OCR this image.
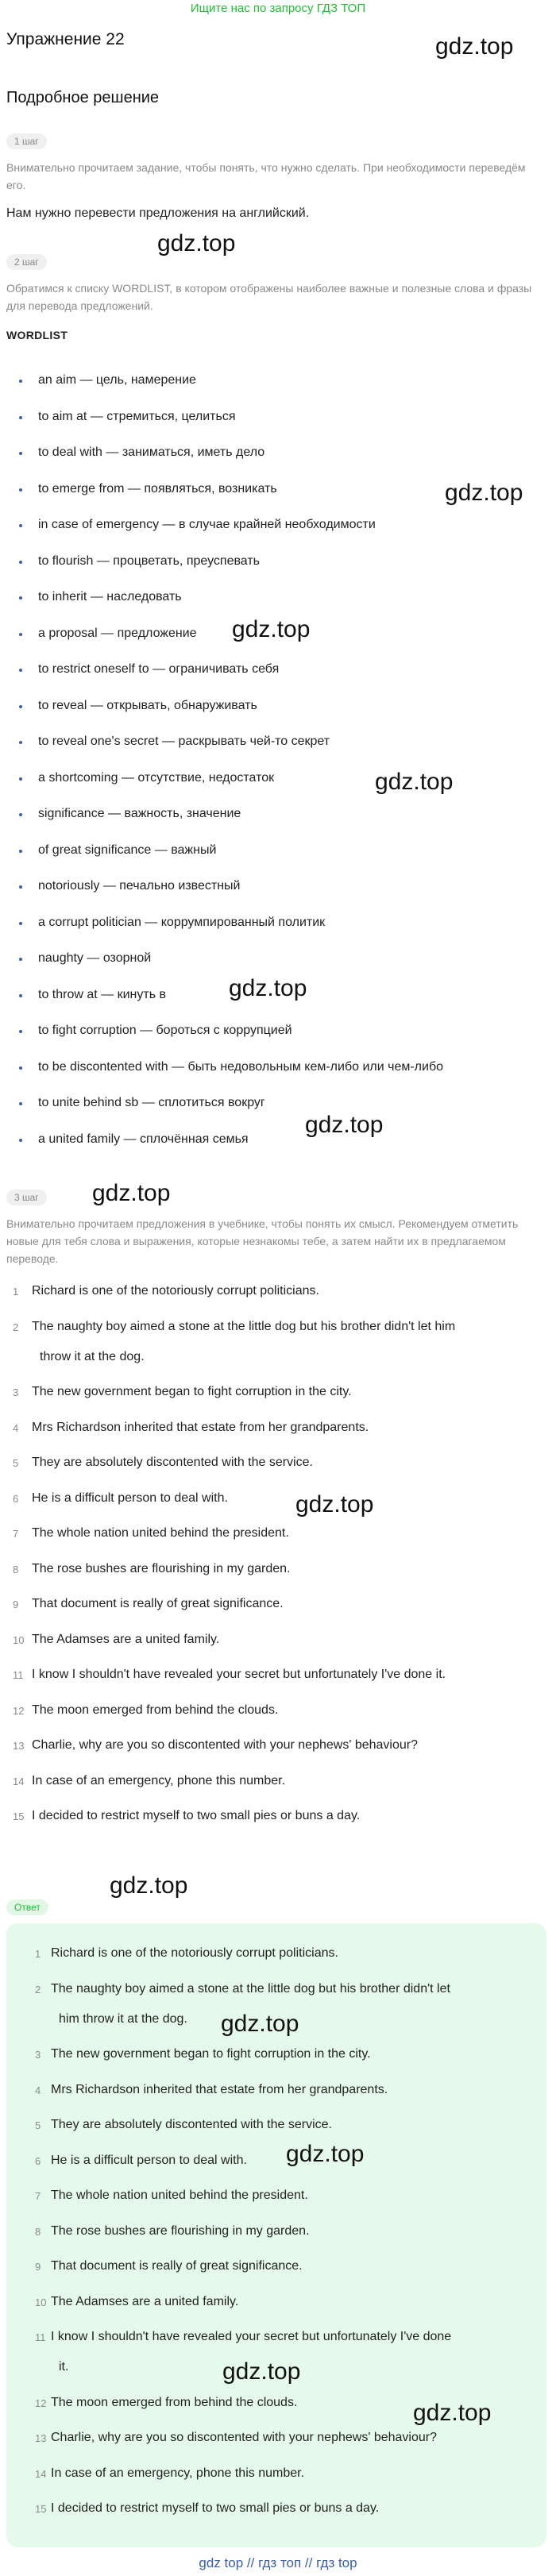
Ищите нас по запросу ГДЗ ТОП
Упражнение 22	gdz.top
Подробное решение
1 шаг
Внимательно прочитаем задание, чтобы понять, что нужно сделать. При необходимости переведём его.
Нам нужно перевести предложения на английский.
gdz.top
2 шаг
Обратимся к списку WORDLIST, в котором отображены наиболее важные и полезные слова и фразы для перевода предложений.
WORDLIST
an aim — цель, намерение
to aim at — стремиться, целиться
to deal with — заниматься, иметь дело
to emerge from — появляться, возникать
in case of emergency — в случае крайней необходимости
to flourish — процветать, преуспевать
to inherit — наследовать
a proposal — предложение
to restrict oneself to — ограничивать себя
to reveal — открывать, обнаруживать
to reveal one's secret — раскрывать чей-то секрет
a shortcoming — отсутствие, недостаток
significance — важность, значение
of great significance — важный
notoriously — печально известный
a corrupt politician — коррумпированный политик
naughty — озорной
to throw at — кинуть в
to fight corruption — бороться с коррупцией
to be discontented with — быть недовольным кем-либо или чем-либо
to unite behind sb — сплотиться вокруг
a united family — сплочённая семья
3 шаг
Внимательно прочитаем предложения в учебнике, чтобы понять их смысл. Рекомендуем отметить новые для тебя слова и выражения, которые незнакомы тебе, а затем найти их в предлагаемом переводе.
1 Richard is one of the notoriously corrupt politicians.
2 The naughty boy aimed a stone at the little dog but his brother didn't let him
throw it at the dog.
3 The new government began to fight corruption in the city.
4 Mrs Richardson inherited that estate from her grandparents.
5 They are absolutely discontented with the service.
6 He is a difficult person to deal with.
7 The whole nation united behind the president.
8 The rose bushes are flourishing in my garden.
9 That document is really of great significance.
10 The Adamses are a united family.
11 I know I shouldn't have revealed your secret but unfortunately I've done it.
12 The moon emerged from behind the clouds.
13 Charlie, why are you so discontented with your nephews' behaviour?
14 In case of an emergency, phone this number.
15 I decided to restrict myself to two small pies or buns a day.
Ответ
1 Richard is one of the notoriously corrupt politicians.
2 The naughty boy aimed a stone at the little dog but his brother didn't let
him throw it at the dog.
3 The new government began to fight corruption in the city.
4 Mrs Richardson inherited that estate from her grandparents.
5 They are absolutely discontented with the service.
6 He is a difficult person to deal with.
7 The whole nation united behind the president.
8 The rose bushes are flourishing in my garden.
9 That document is really of great significance.
10 The Adamses are a united family.
11 I know I shouldn't have revealed your secret but unfortunately I've done
it.
12 The moon emerged from behind the clouds.
13 Charlie, why are you so discontented with your nephews' behaviour?
14 In case of an emergency, phone this number.
15 I decided to restrict myself to two small pies or buns a day.
gdz.top
gdz.top
gdz.top
gdz.top
gdz.top
gdz.top
gdz.top
gdz.top
gdz.top
gdz.top
gdz.top
gdz.top
gdz top // гдз топ // гдз top
